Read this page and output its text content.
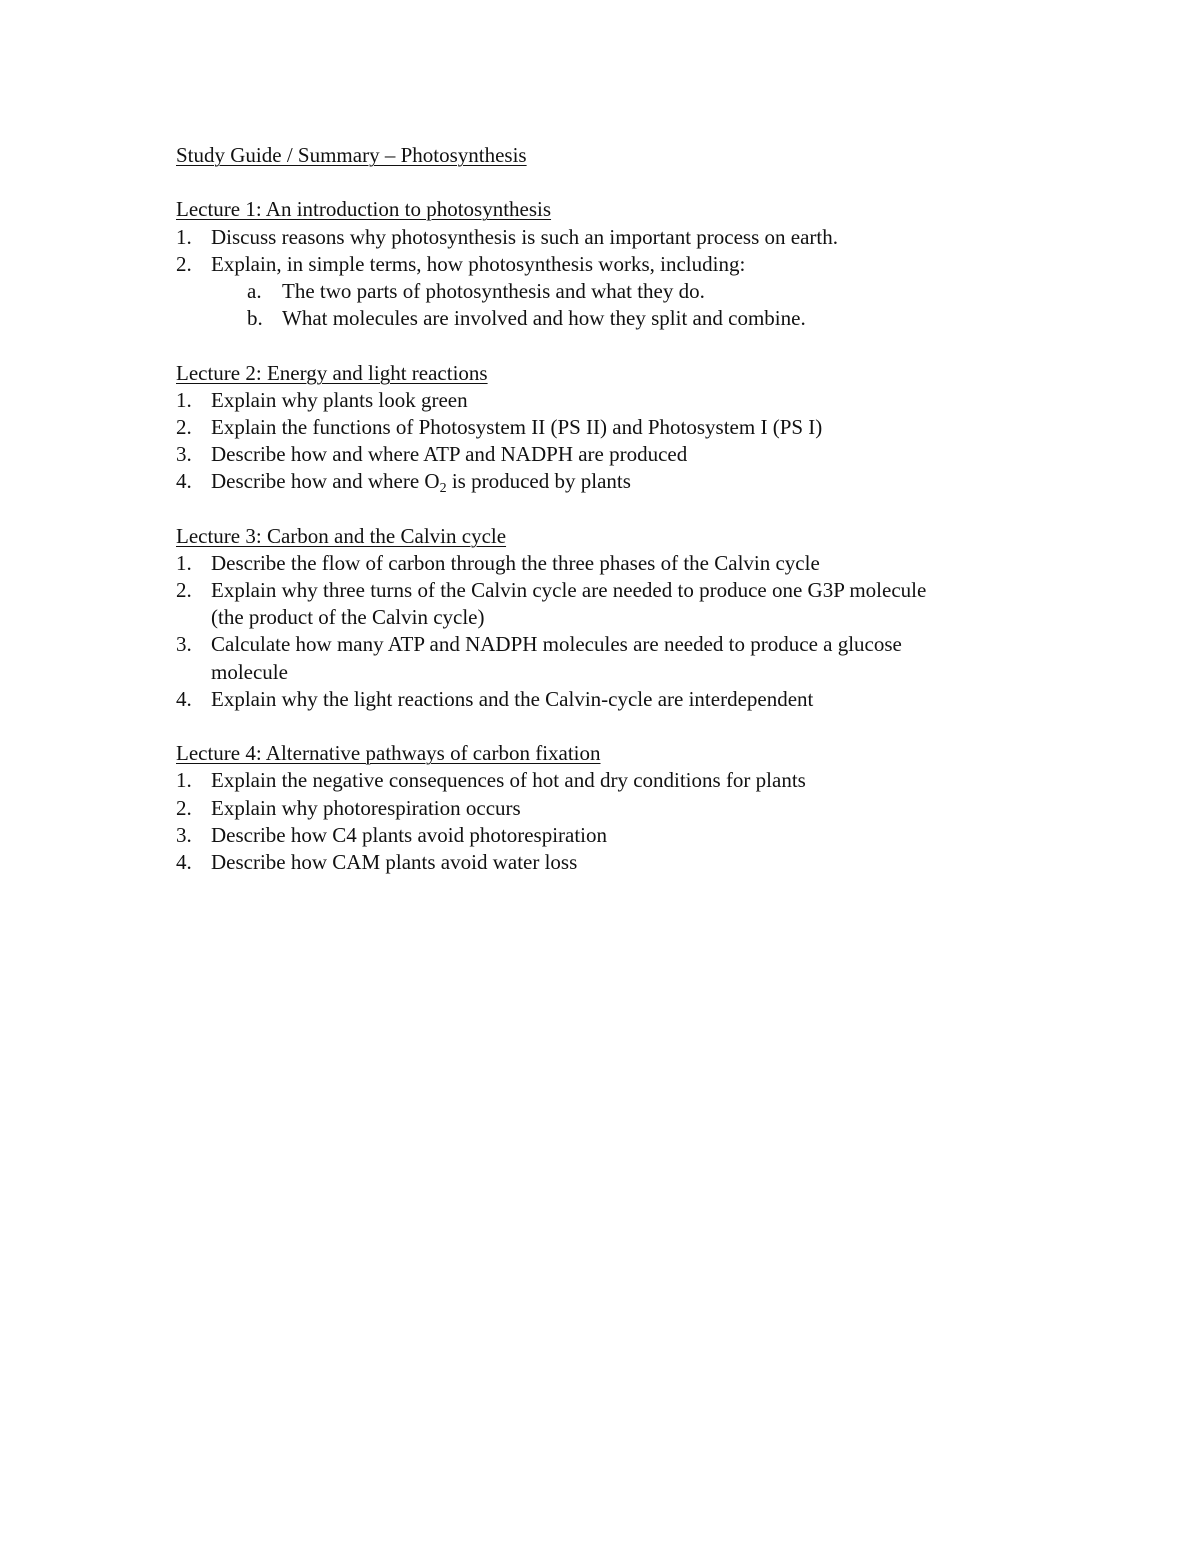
Study Guide / Summary – Photosynthesis
Lecture 1: An introduction to photosynthesis
1. Discuss reasons why photosynthesis is such an important process on earth.
2. Explain, in simple terms, how photosynthesis works, including:
a. The two parts of photosynthesis and what they do.
b. What molecules are involved and how they split and combine.
Lecture 2: Energy and light reactions
1. Explain why plants look green
2. Explain the functions of Photosystem II (PS II) and Photosystem I (PS I)
3. Describe how and where ATP and NADPH are produced
4. Describe how and where $O_2$ is produced by plants
Lecture 3: Carbon and the Calvin cycle
1. Describe the flow of carbon through the three phases of the Calvin cycle
2. Explain why three turns of the Calvin cycle are needed to produce one G3P molecule
(the product of the Calvin cycle)
3. Calculate how many ATP and NADPH molecules are needed to produce a glucose
molecule
4. Explain why the light reactions and the Calvin-cycle are interdependent
Lecture 4: Alternative pathways of carbon fixation
1. Explain the negative consequences of hot and dry conditions for plants
2. Explain why photorespiration occurs
3. Describe how C4 plants avoid photorespiration
4. Describe how CAM plants avoid water loss
